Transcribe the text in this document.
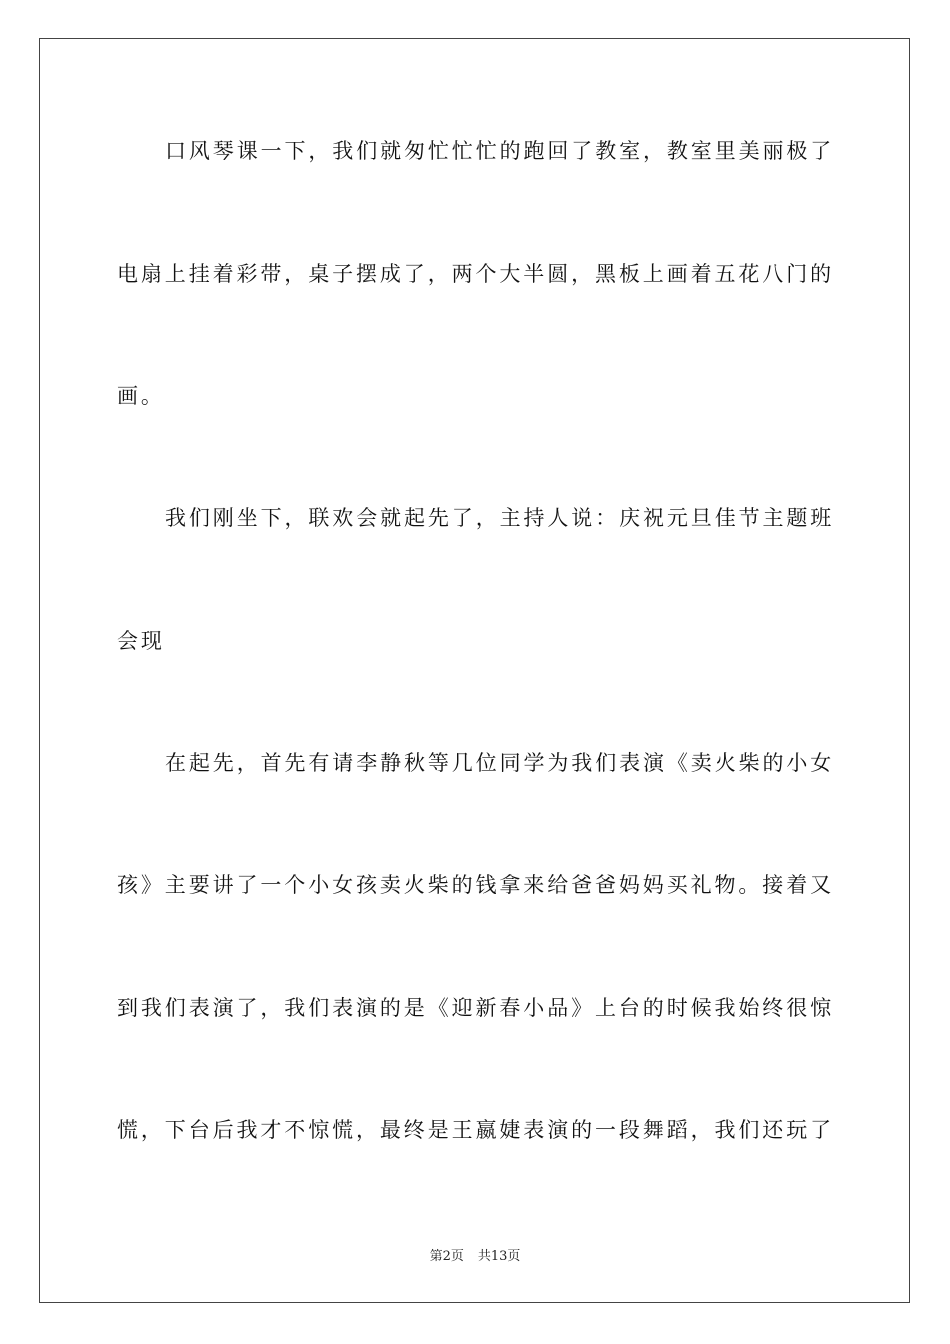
口风琴课一下，我们就匆忙忙忙的跑回了教室，教室里美丽极了
电扇上挂着彩带，桌子摆成了，两个大半圆，黑板上画着五花八门的
画。
我们刚坐下，联欢会就起先了，主持人说：庆祝元旦佳节主题班
会现
在起先，首先有请李静秋等几位同学为我们表演《卖火柴的小女
孩》主要讲了一个小女孩卖火柴的钱拿来给爸爸妈妈买礼物。接着又
到我们表演了，我们表演的是《迎新春小品》上台的时候我始终很惊
慌，下台后我才不惊慌，最终是王嬴婕表演的一段舞蹈，我们还玩了
第2页 共13页
